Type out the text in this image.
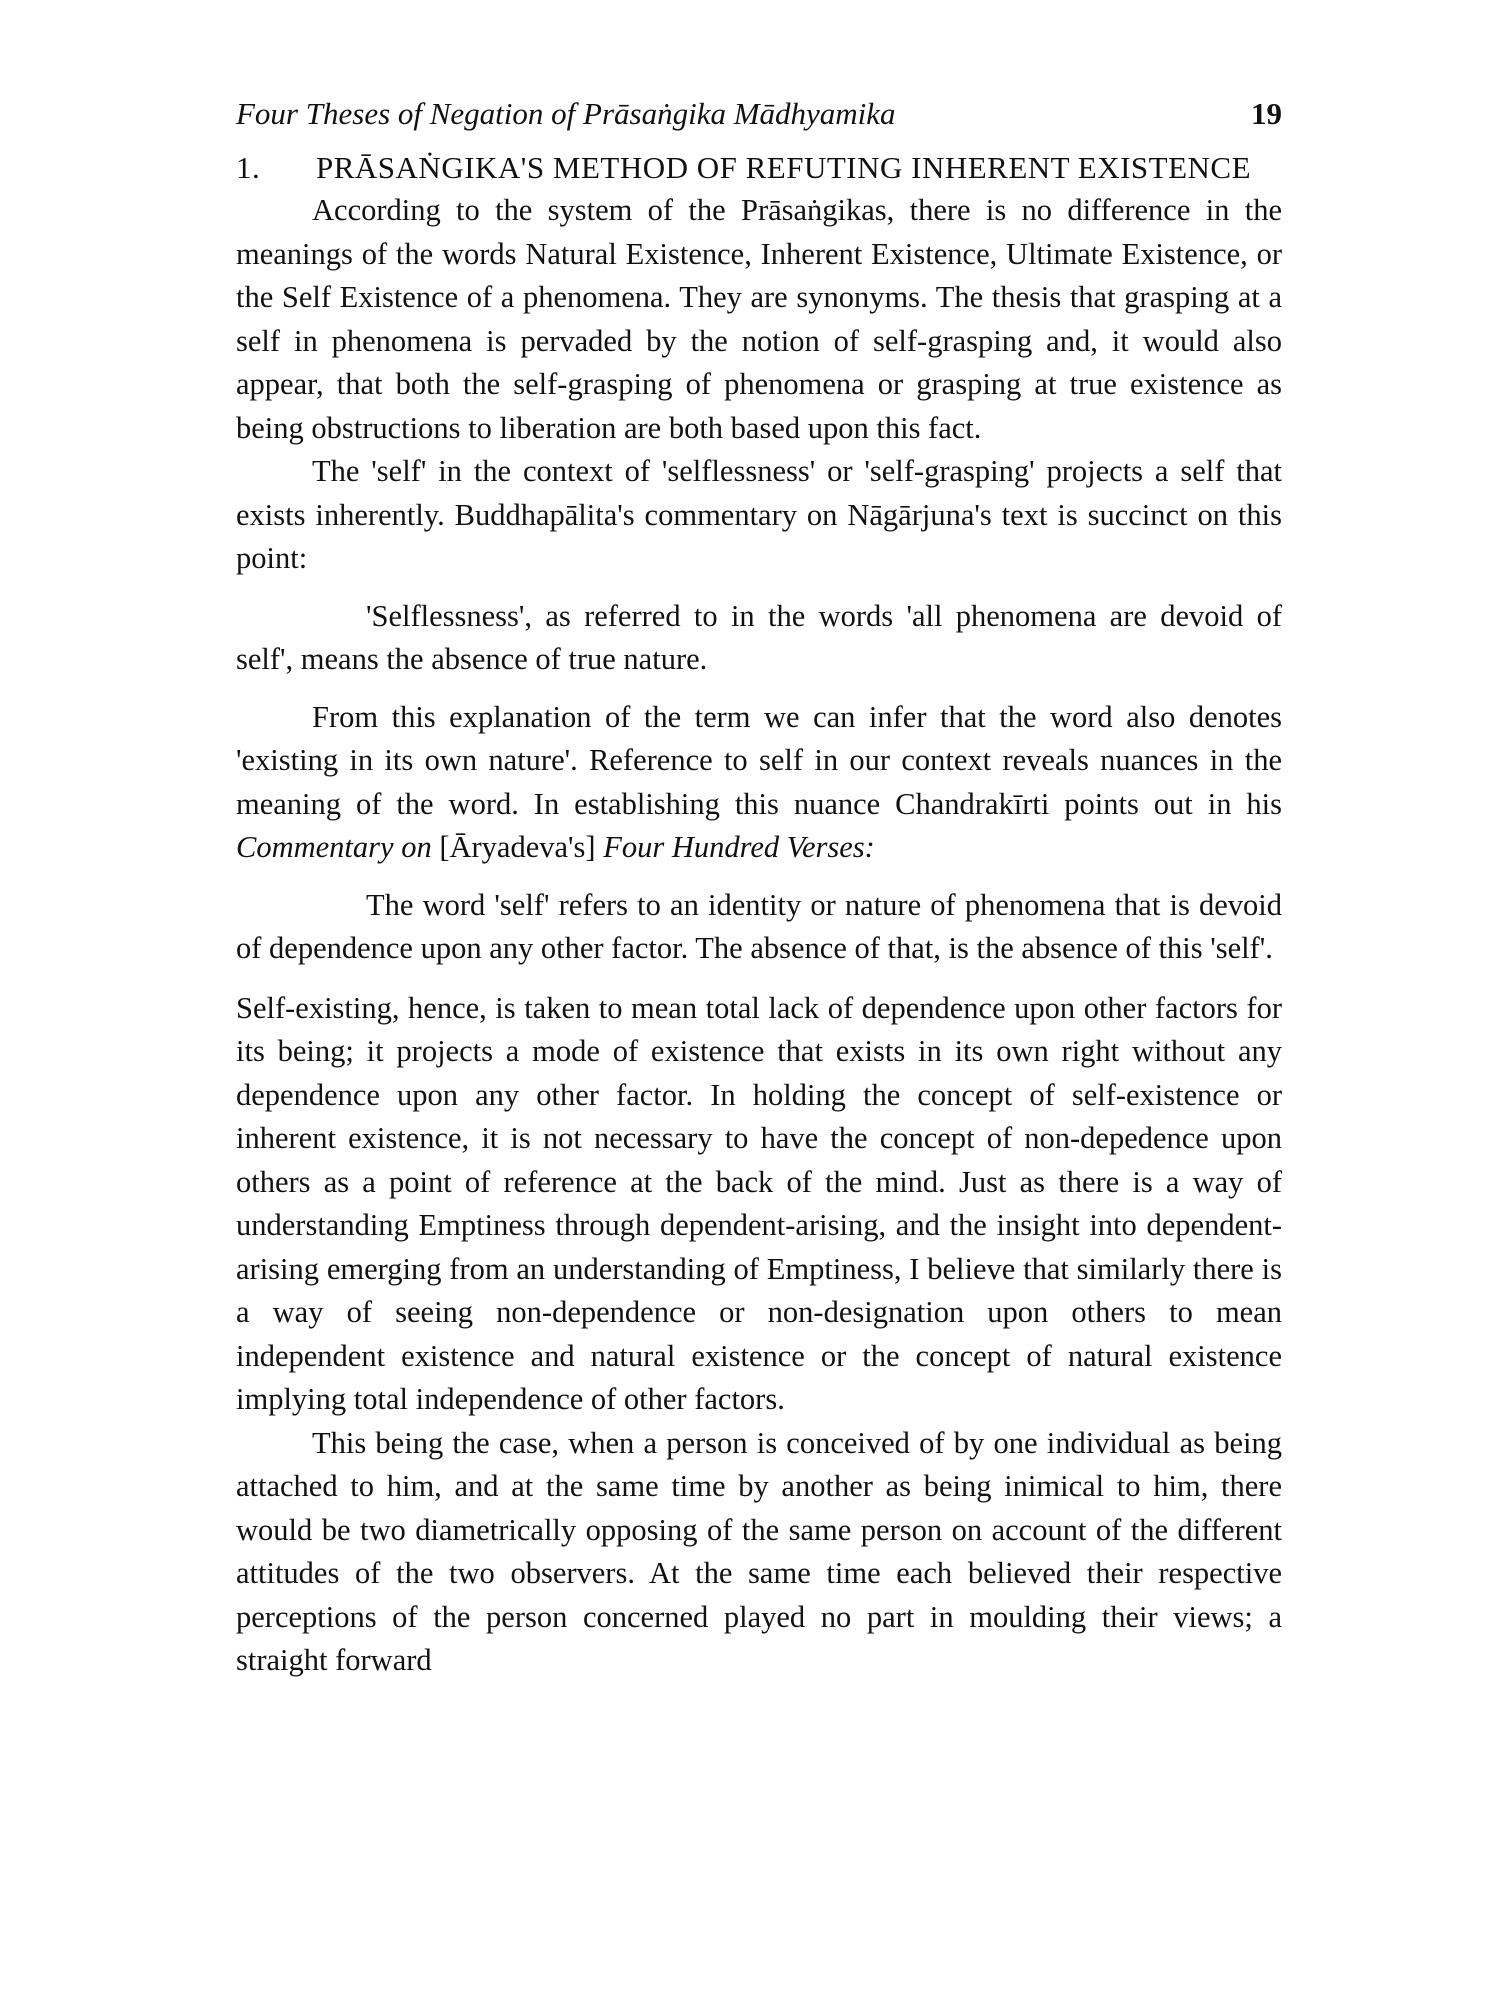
Four Theses of Negation of Prāsaṅgika Mādhyamika	19
1.	PRĀSAṄGIKA'S METHOD OF REFUTING INHERENT EXISTENCE

According to the system of the Prāsaṅgikas, there is no difference in the meanings of the words Natural Existence, Inherent Existence, Ultimate Existence, or the Self Existence of a phenomena. They are synonyms. The thesis that grasping at a self in phenomena is pervaded by the notion of self-grasping and, it would also appear, that both the self-grasping of phenomena or grasping at true existence as being obstructions to liberation are both based upon this fact.

The 'self' in the context of 'selflessness' or 'self-grasping' projects a self that exists inherently. Buddhapālita's commentary on Nāgārjuna's text is succinct on this point:

'Selflessness', as referred to in the words 'all phenomena are devoid of self', means the absence of true nature.

From this explanation of the term we can infer that the word also denotes 'existing in its own nature'. Reference to self in our context reveals nuances in the meaning of the word. In establishing this nuance Chandrakīrti points out in his Commentary on [Āryadeva's] Four Hundred Verses:

The word 'self' refers to an identity or nature of phenomena that is devoid of dependence upon any other factor. The absence of that, is the absence of this 'self'.

Self-existing, hence, is taken to mean total lack of dependence upon other factors for its being; it projects a mode of existence that exists in its own right without any dependence upon any other factor. In holding the concept of self-existence or inherent existence, it is not necessary to have the concept of non-depedence upon others as a point of reference at the back of the mind. Just as there is a way of understanding Emptiness through dependent-arising, and the insight into dependent-arising emerging from an understanding of Emptiness, I believe that similarly there is a way of seeing non-dependence or non-designation upon others to mean independent existence and natural existence or the concept of natural existence implying total independence of other factors.

This being the case, when a person is conceived of by one individual as being attached to him, and at the same time by another as being inimical to him, there would be two diametrically opposing of the same person on account of the different attitudes of the two observers. At the same time each believed their respective perceptions of the person concerned played no part in moulding their views; a straight forward
